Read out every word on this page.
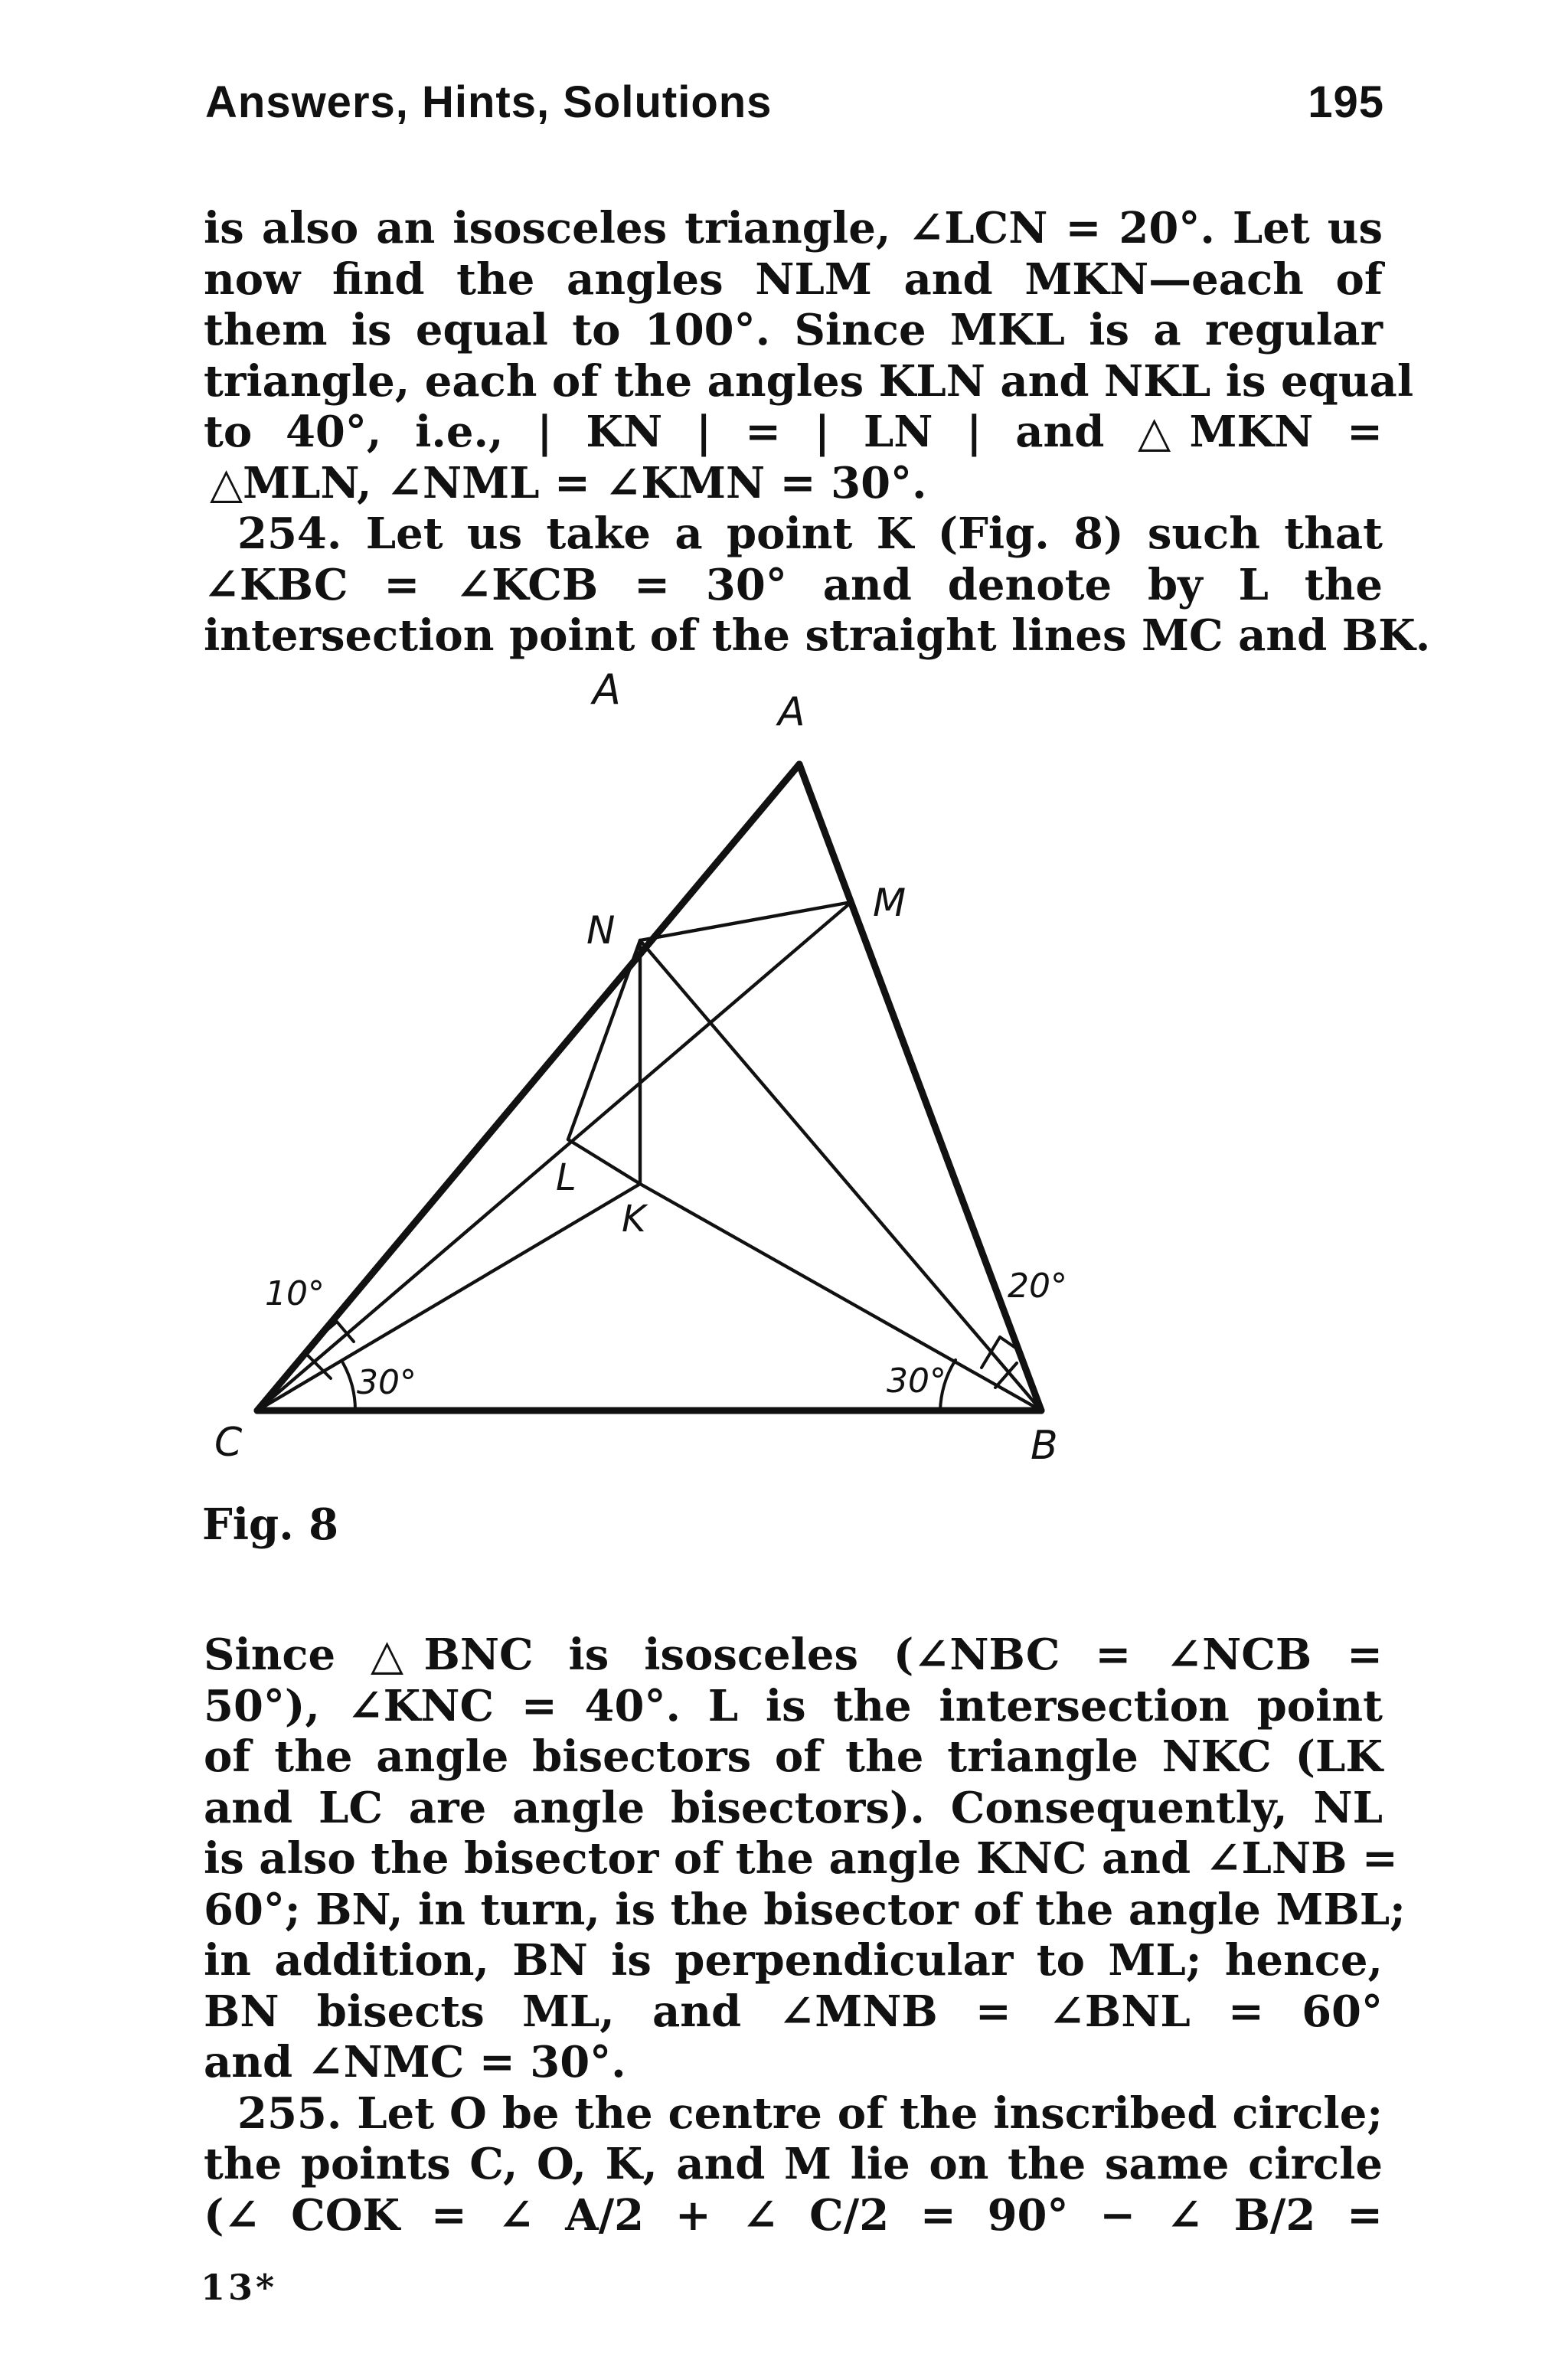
Answers, Hints, Solutions	195
is also an isosceles triangle, ∠LCN = 20°. Let us
now find the angles NLM and MKN—each of
them is equal to 100°. Since MKL is a regular
triangle, each of the angles KLN and NKL is equal
to 40°, i.e., | KN | = | LN | and △MKN =
△MLN, ∠NML = ∠KMN = 30°.
254. Let us take a point K (Fig. 8) such that
∠KBC = ∠KCB = 30° and denote by L the
intersection point of the straight lines MC and BK.
A	A
M
N
L
K
C	B
10°
30°
20°
30°
Fig. 8
Since △BNC is isosceles (∠NBC = ∠NCB =
50°), ∠KNC = 40°. L is the intersection point
of the angle bisectors of the triangle NKC (LK
and LC are angle bisectors). Consequently, NL
is also the bisector of the angle KNC and ∠LNB =
60°; BN, in turn, is the bisector of the angle MBL;
in addition, BN is perpendicular to ML; hence,
BN bisects ML, and ∠MNB = ∠BNL = 60°
and ∠NMC = 30°.
255. Let O be the centre of the inscribed circle;
the points C, O, K, and M lie on the same circle
(∠ COK = ∠ A/2 + ∠ C/2 = 90° − ∠ B/2 =
13*
